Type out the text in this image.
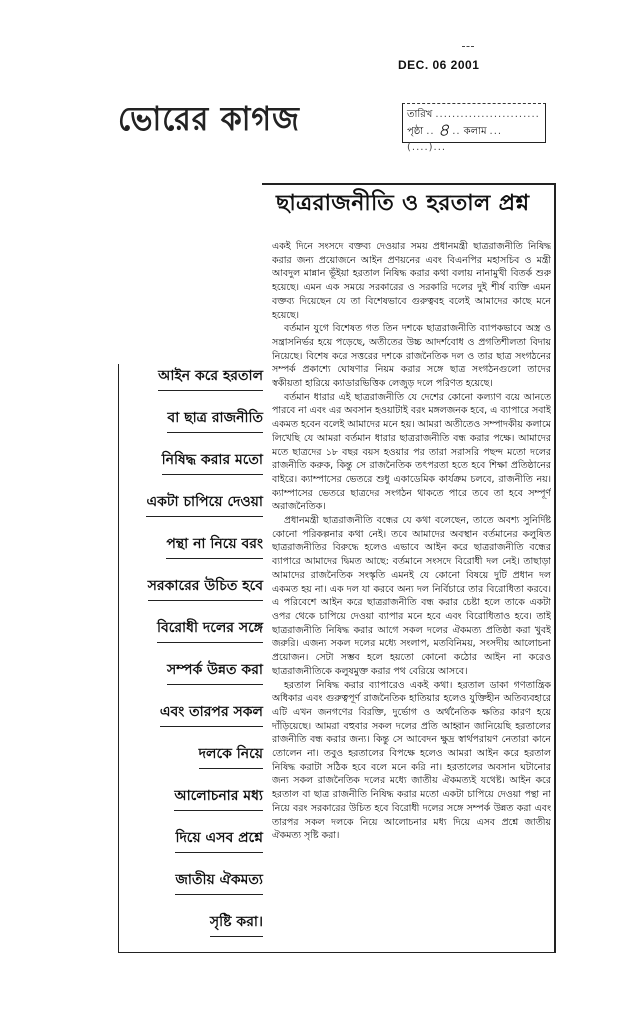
DEC. 06 2001
ভোরের কাগজ	তারিখ .........................
পৃষ্ঠা .. ৪ .. কলাম ...(....)...
ছাত্ররাজনীতি ও হরতাল প্রশ্ন

একই দিনে সংসদে বক্তব্য দেওয়ার সময় প্রধানমন্ত্রী ছাত্ররাজনীতি নিষিদ্ধ করার জন্য প্রয়োজনে আইন প্রণয়নের এবং বিএনপির মহাসচিব ও মন্ত্রী আবদুল মান্নান ভূঁইয়া হরতাল নিষিদ্ধ করার কথা বলায় নানামুখী বিতর্ক শুরু হয়েছে। এমন এক সময়ে সরকারের ও সরকারি দলের দুই শীর্ষ ব্যক্তি এমন বক্তব্য দিয়েছেন যে তা বিশেষভাবে গুরুত্ববহ বলেই আমাদের কাছে মনে হয়েছে।

বর্তমান যুগে বিশেষত গত তিন দশকে ছাত্ররাজনীতি ব্যাপকভাবে অস্ত্র ও সন্ত্রাসনির্ভর হয়ে পড়েছে, অতীতের উচ্চ আদর্শবোধ ও প্রগতিশীলতা বিদায় নিয়েছে। বিশেষ করে সত্তরের দশকে রাজনৈতিক দল ও তার ছাত্র সংগঠনের সম্পর্ক প্রকাশ্যে ঘোষণার নিয়ম করার সঙ্গে ছাত্র সংগঠনগুলো তাদের স্বকীয়তা হারিয়ে ক্যাডারভিত্তিক লেজুড় দলে পরিণত হয়েছে।

বর্তমান ধারার এই ছাত্ররাজনীতি যে দেশের কোনো কল্যাণ বয়ে আনতে পারবে না এবং এর অবসান হওয়াটাই বরং মঙ্গলজনক হবে, এ ব্যাপারে সবাই একমত হবেন বলেই আমাদের মনে হয়। আমরা অতীতেও সম্পাদকীয় কলামে লিখেছি যে আমরা বর্তমান ধারার ছাত্ররাজনীতি বন্ধ করার পক্ষে। আমাদের মতে ছাত্রদের ১৮ বছর বয়স হওয়ার পর তারা সরাসরি পছন্দ মতো দলের রাজনীতি করুক, কিন্তু সে রাজনৈতিক তৎপরতা হতে হবে শিক্ষা প্রতিষ্ঠানের বাইরে। ক্যাম্পাসের ভেতরে শুধু একাডেমিক কার্যক্রম চলবে, রাজনীতি নয়। ক্যাম্পাসের ভেতরে ছাত্রদের সংগঠন থাকতে পারে তবে তা হবে সম্পূর্ণ অরাজনৈতিক।

প্রধানমন্ত্রী ছাত্ররাজনীতি বন্ধের যে কথা বলেছেন, তাতে অবশ্য সুনির্দিষ্ট কোনো পরিকল্পনার কথা নেই। তবে আমাদের অবস্থান বর্তমানের কলুষিত ছাত্ররাজনীতির বিরুদ্ধে হলেও এভাবে আইন করে ছাত্ররাজনীতি বন্ধের ব্যাপারে আমাদের দ্বিমত আছে: বর্তমানে সংসদে বিরোধী দল নেই। তাছাড়া আমাদের রাজনৈতিক সংস্কৃতি এমনই যে কোনো বিষয়ে দুটি প্রধান দল একমত হয় না। এক দল যা করবে অন্য দল নির্বিচারে তার বিরোধিতা করবে। এ পরিবেশে আইন করে ছাত্ররাজনীতি বন্ধ করার চেষ্টা হলে তাকে একটা ওপর থেকে চাপিয়ে দেওয়া ব্যাপার মনে হবে এবং বিরোধিতাও হবে। তাই ছাত্ররাজনীতি নিষিদ্ধ করার আগে সকল দলের ঐকমত্য প্রতিষ্ঠা করা খুবই জরুরি। এজন্য সকল দলের মধ্যে সংলাপ, মতবিনিময়, সংসদীয় আলোচনা প্রয়োজন। সেটা সম্ভব হলে হয়তো কোনো কঠোর আইন না করেও ছাত্ররাজনীতিকে কলুষমুক্ত করার পথ বেরিয়ে আসবে।

হরতাল নিষিদ্ধ করার ব্যাপারেও একই কথা। হরতাল ডাকা গণতান্ত্রিক অধিকার এবং গুরুত্বপূর্ণ রাজনৈতিক হাতিয়ার হলেও যুক্তিহীন অতিব্যবহারে এটি এখন জনগণের বিরক্তি, দুর্ভোগ ও অর্থনৈতিক ক্ষতির কারণ হয়ে দাঁড়িয়েছে। আমরা বহুবার সকল দলের প্রতি আহ্বান জানিয়েছি হরতালের রাজনীতি বন্ধ করার জন্য। কিন্তু সে আবেদন ক্ষুদ্র স্বার্থপরায়ণ নেতারা কানে তোলেন না। তবুও হরতালের বিপক্ষে হলেও আমরা আইন করে হরতাল নিষিদ্ধ করাটা সঠিক হবে বলে মনে করি না। হরতালের অবসান ঘটানোর জন্য সকল রাজনৈতিক দলের মধ্যে জাতীয় ঐকমত্যই যথেষ্ট। আইন করে হরতাল বা ছাত্র রাজনীতি নিষিদ্ধ করার মতো একটা চাপিয়ে দেওয়া পন্থা না নিয়ে বরং সরকারের উচিত হবে বিরোধী দলের সঙ্গে সম্পর্ক উন্নত করা এবং তারপর সকল দলকে নিয়ে আলোচনার মধ্য দিয়ে এসব প্রশ্নে জাতীয় ঐকমত্য সৃষ্টি করা।

আইন করে হরতাল
বা ছাত্র রাজনীতি
নিষিদ্ধ করার মতো
একটা চাপিয়ে দেওয়া
পন্থা না নিয়ে বরং
সরকারের উচিত হবে
বিরোধী দলের সঙ্গে
সম্পর্ক উন্নত করা
এবং তারপর সকল
দলকে নিয়ে
আলোচনার মধ্য
দিয়ে এসব প্রশ্নে
জাতীয় ঐকমত্য
সৃষ্টি করা।
